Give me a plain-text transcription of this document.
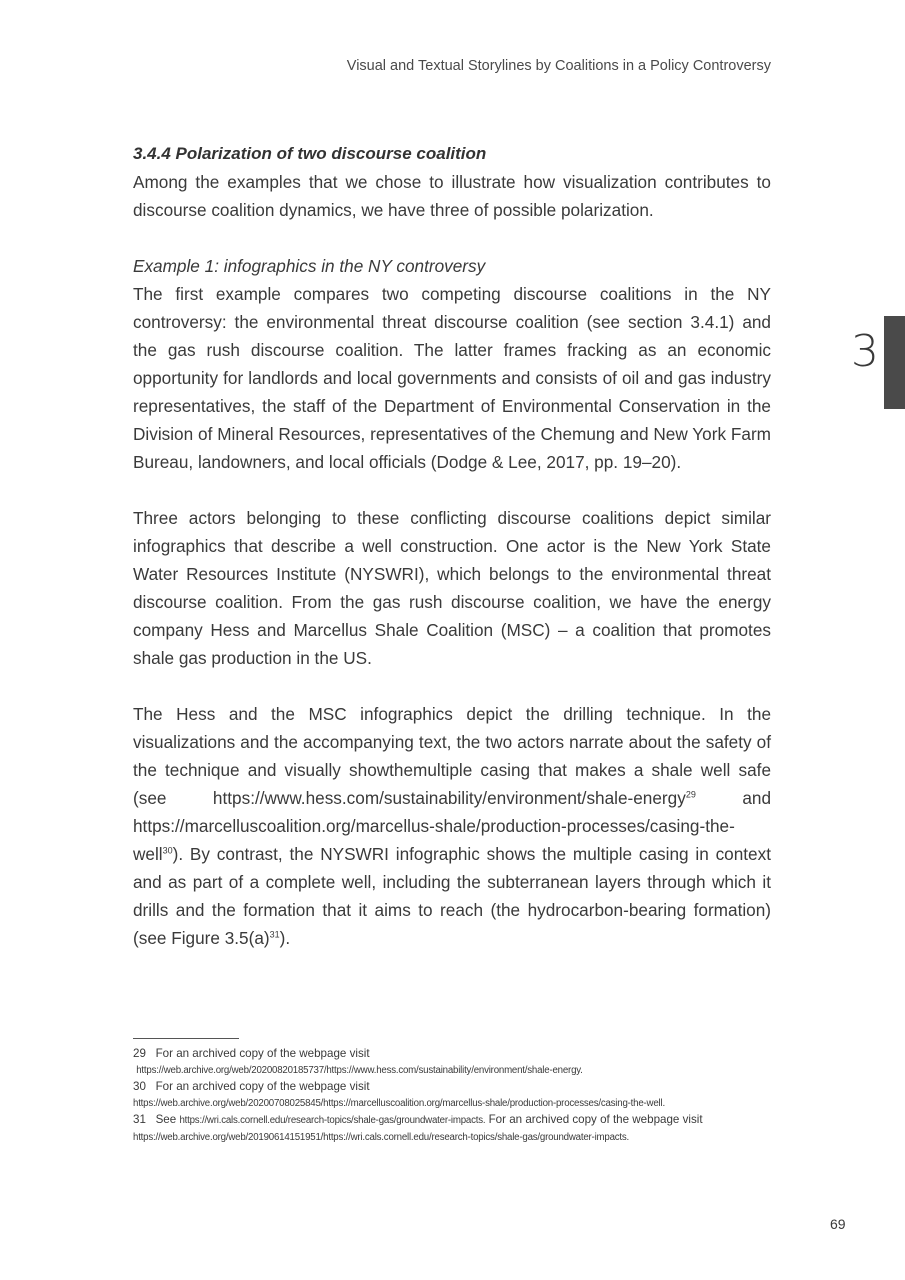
Visual and Textual Storylines by Coalitions in a Policy Controversy
3

3.4.4 Polarization of two discourse coalition

Among the examples that we chose to illustrate how visualization contributes to discourse coalition dynamics, we have three of possible polarization.

Example 1: infographics in the NY controversy

The first example compares two competing discourse coalitions in the NY controversy: the environmental threat discourse coalition (see section 3.4.1) and the gas rush discourse coalition. The latter frames fracking as an economic opportunity for landlords and local governments and consists of oil and gas industry representatives, the staff of the Department of Environmental Conservation in the Division of Mineral Resources, representatives of the Chemung and New York Farm Bureau, landowners, and local officials (Dodge & Lee, 2017, pp. 19–20).

Three actors belonging to these conflicting discourse coalitions depict similar infographics that describe a well construction. One actor is the New York State Water Resources Institute (NYSWRI), which belongs to the environmental threat discourse coalition. From the gas rush discourse coalition, we have the energy company Hess and Marcellus Shale Coalition (MSC) – a coalition that promotes shale gas production in the US.

The Hess and the MSC infographics depict the drilling technique. In the visualizations and the accompanying text, the two actors narrate about the safety of the technique and visually showthemultiple casing that makes a shale well safe (see https://www.hess.com/sustainability/environment/shale-energy$^{29}$ and https://marcelluscoalition.org/marcellus-shale/production-processes/casing-the-well$^{30}$). By contrast, the NYSWRI infographic shows the multiple casing in context and as part of a complete well, including the subterranean layers through which it drills and the formation that it aims to reach (the hydrocarbon-bearing formation) (see Figure $3.5(a)^{31}$).

29 For an archived copy of the webpage visit

https://web.archive.org/web/20200820185737/https://www.hess.com/sustainability/environment/shale-energy.

30 For an archived copy of the webpage visit

https://web.archive.org/web/20200708025845/https://marcelluscoalition.org/marcellus-shale/production-processes/casing-the-well.

31 See https://wri.cals.cornell.edu/research-topics/shale-gas/groundwater-impacts. For an archived copy of the webpage visit

https://web.archive.org/web/20190614151951/https://wri.cals.cornell.edu/research-topics/shale-gas/groundwater-impacts.

69
